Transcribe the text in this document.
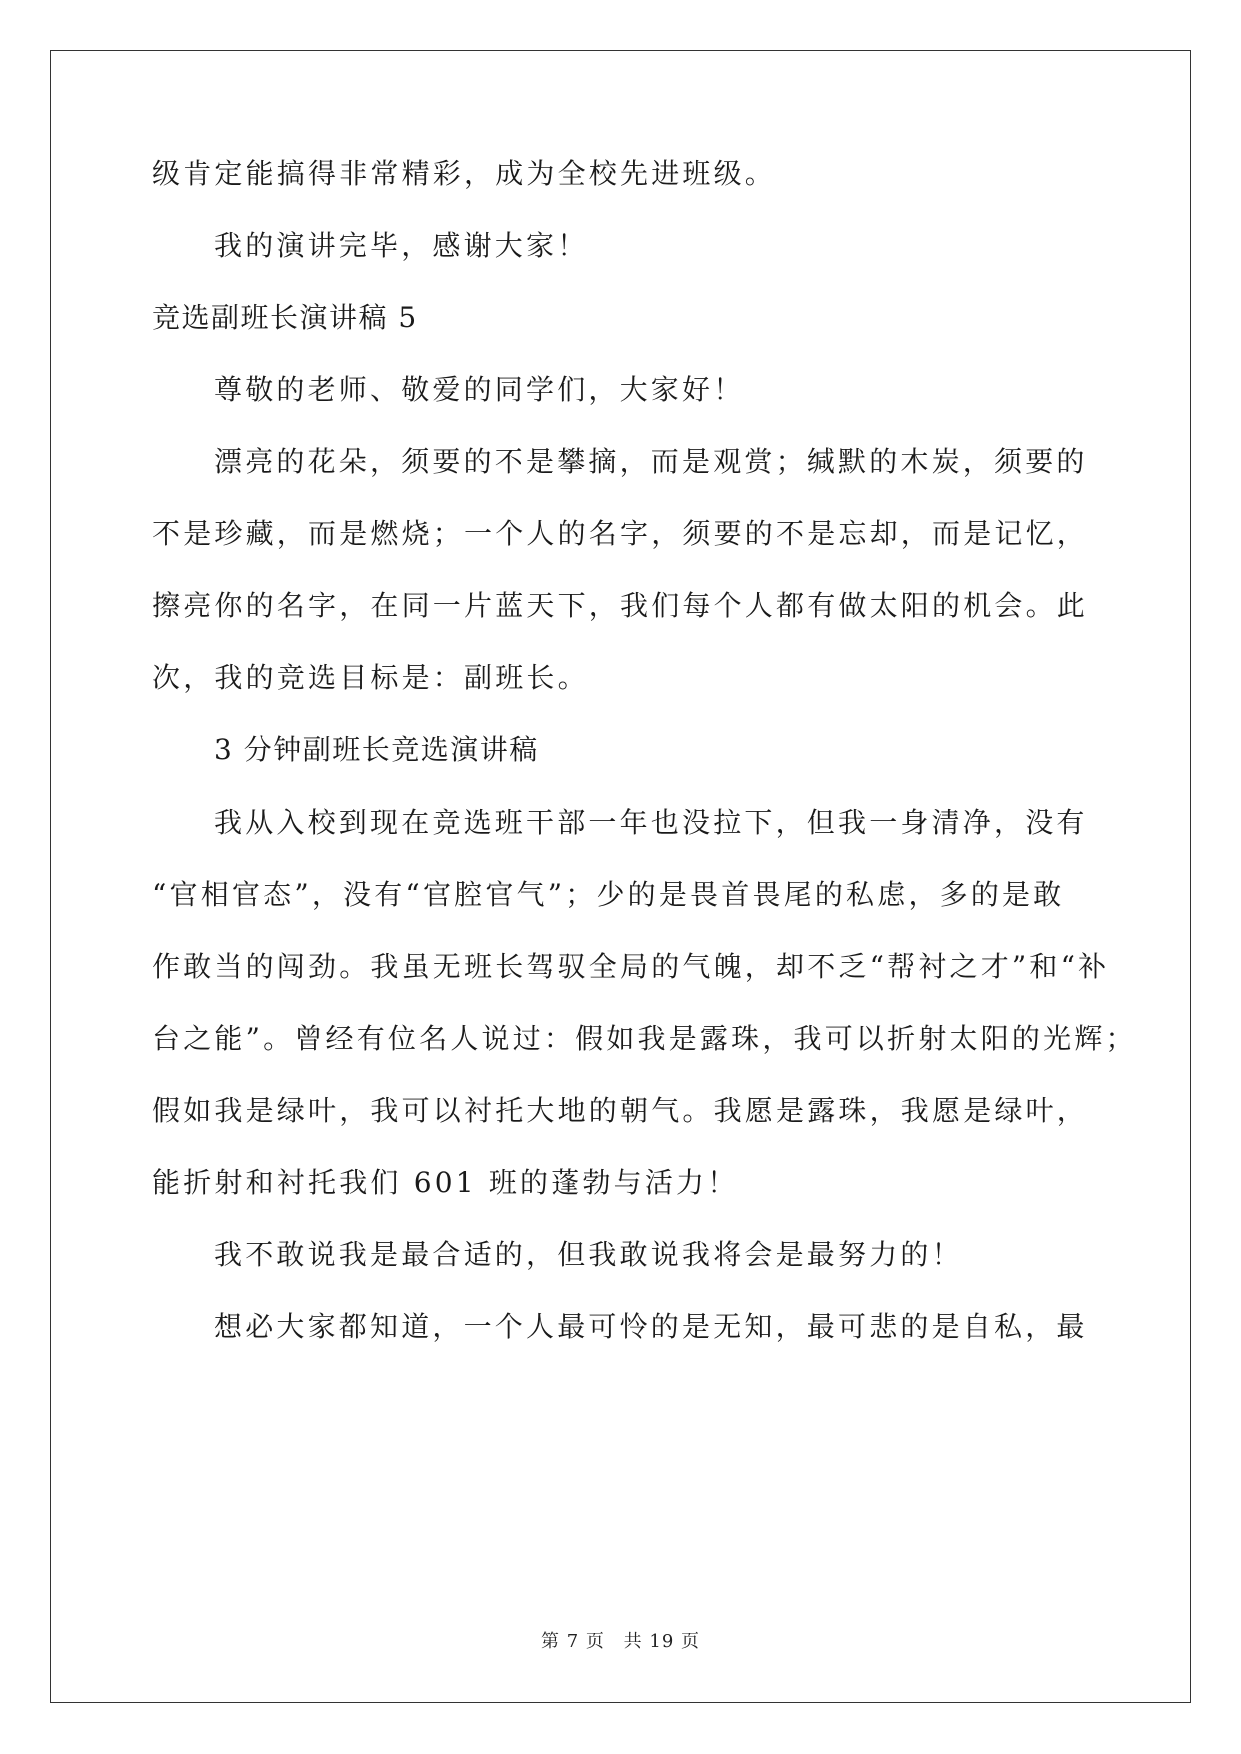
级肯定能搞得非常精彩，成为全校先进班级。
我的演讲完毕，感谢大家！
竞选副班长演讲稿 5
尊敬的老师、敬爱的同学们，大家好！
漂亮的花朵，须要的不是攀摘，而是观赏；缄默的木炭，须要的
不是珍藏，而是燃烧；一个人的名字，须要的不是忘却，而是记忆，
擦亮你的名字，在同一片蓝天下，我们每个人都有做太阳的机会。此
次，我的竞选目标是：副班长。
3 分钟副班长竞选演讲稿
我从入校到现在竞选班干部一年也没拉下，但我一身清净，没有
“官相官态”，没有“官腔官气”；少的是畏首畏尾的私虑，多的是敢
作敢当的闯劲。我虽无班长驾驭全局的气魄，却不乏“帮衬之才”和“补
台之能”。曾经有位名人说过：假如我是露珠，我可以折射太阳的光辉；
假如我是绿叶，我可以衬托大地的朝气。我愿是露珠，我愿是绿叶，
能折射和衬托我们 601 班的蓬勃与活力！
我不敢说我是最合适的，但我敢说我将会是最努力的！
想必大家都知道，一个人最可怜的是无知，最可悲的是自私，最
第 7 页 共 19 页
